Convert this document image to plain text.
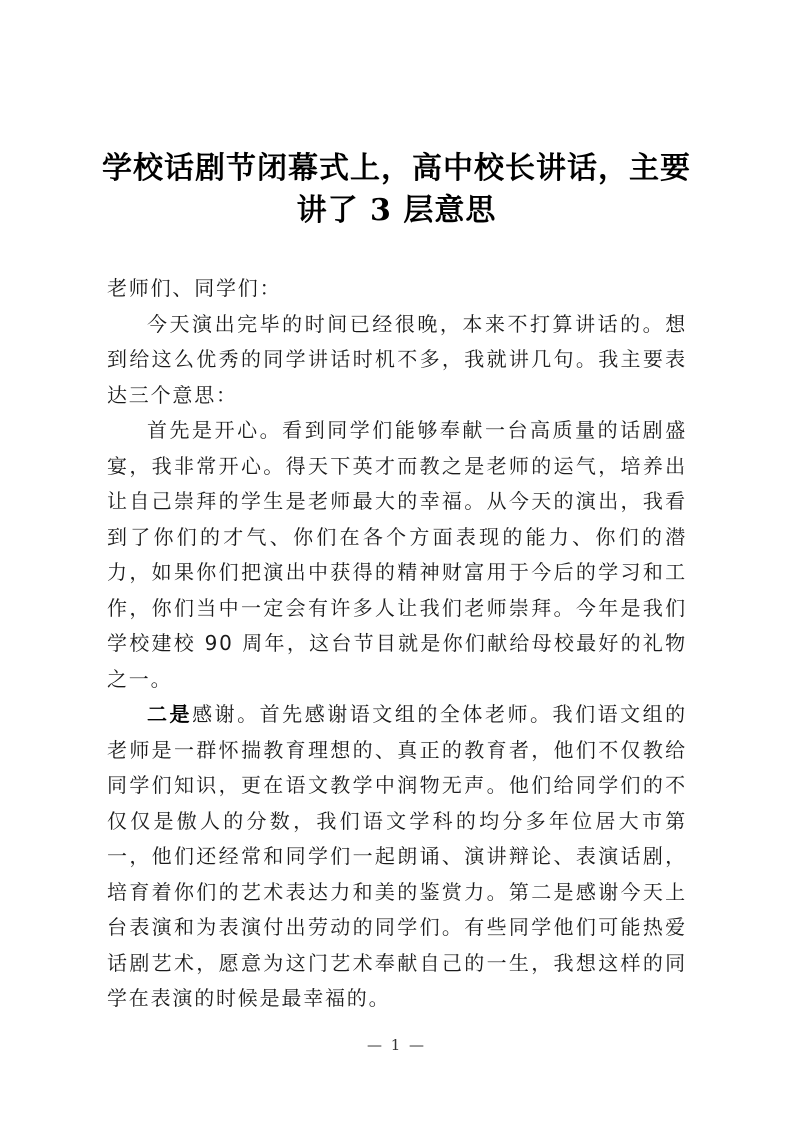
学校话剧节闭幕式上，高中校长讲话，主要讲了 3 层意思

老师们、同学们：

今天演出完毕的时间已经很晚，本来不打算讲话的。想到给这么优秀的同学讲话时机不多，我就讲几句。我主要表达三个意思：

首先是开心。看到同学们能够奉献一台高质量的话剧盛宴，我非常开心。得天下英才而教之是老师的运气，培养出让自己崇拜的学生是老师最大的幸福。从今天的演出，我看到了你们的才气、你们在各个方面表现的能力、你们的潜力，如果你们把演出中获得的精神财富用于今后的学习和工作，你们当中一定会有许多人让我们老师崇拜。今年是我们学校建校 90 周年，这台节目就是你们献给母校最好的礼物之一。

二是感谢。首先感谢语文组的全体老师。我们语文组的老师是一群怀揣教育理想的、真正的教育者，他们不仅教给同学们知识，更在语文教学中润物无声。他们给同学们的不仅仅是傲人的分数，我们语文学科的均分多年位居大市第一，他们还经常和同学们一起朗诵、演讲辩论、表演话剧，培育着你们的艺术表达力和美的鉴赏力。第二是感谢今天上台表演和为表演付出劳动的同学们。有些同学他们可能热爱话剧艺术，愿意为这门艺术奉献自己的一生，我想这样的同学在表演的时候是最幸福的。

— 1 —
